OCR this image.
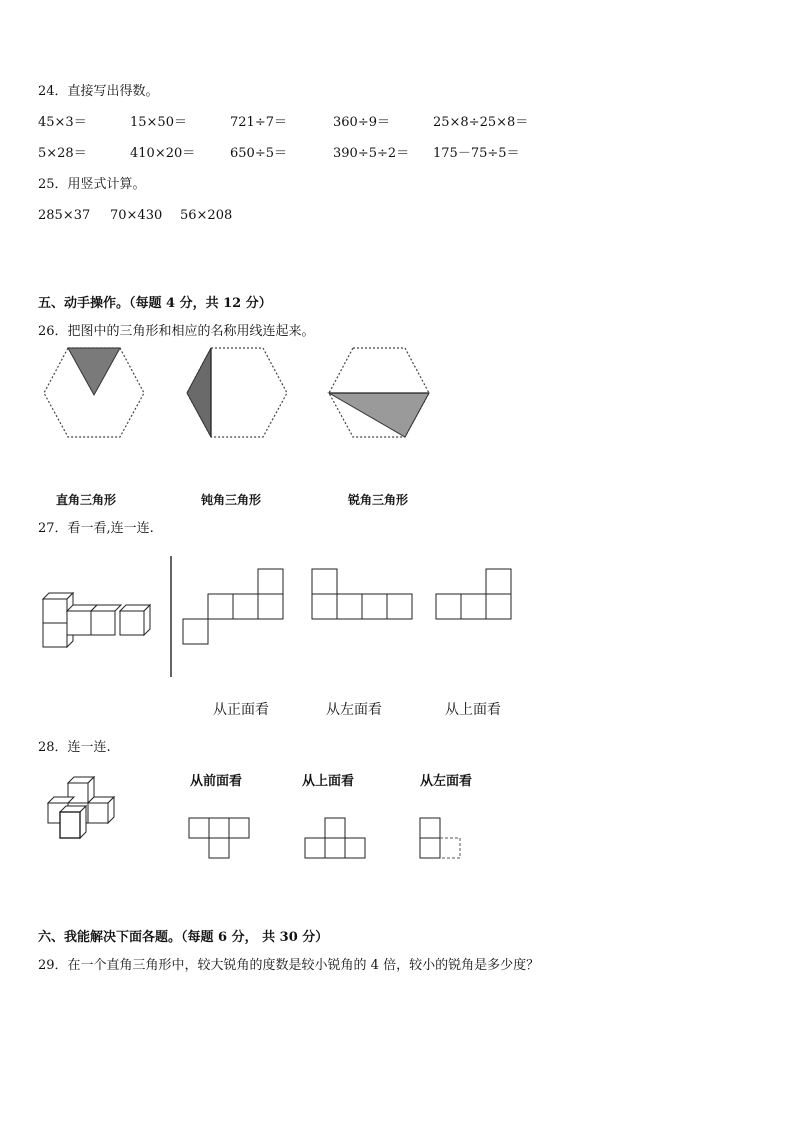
24．直接写出得数。
45×3＝	15×50＝	721÷7＝	360÷9＝	25×8÷25×8＝
5×28＝	410×20＝	650÷5＝	390÷5÷2＝ 175－75÷5＝
25．用竖式计算。
285×37 70×430 56×208
五、动手操作。（每题 4 分，共 12 分）
26．把图中的三角形和相应的名称用线连起来。
直角三角形	钝角三角形	锐角三角形
27．看一看,连一连.
从正面看	从左面看	从上面看
28．连一连.
从前面看	从上面看	从左面看
六、我能解决下面各题。（每题 6 分， 共 30 分）
29．在一个直角三角形中，较大锐角的度数是较小锐角的 4 倍，较小的锐角是多少度？
